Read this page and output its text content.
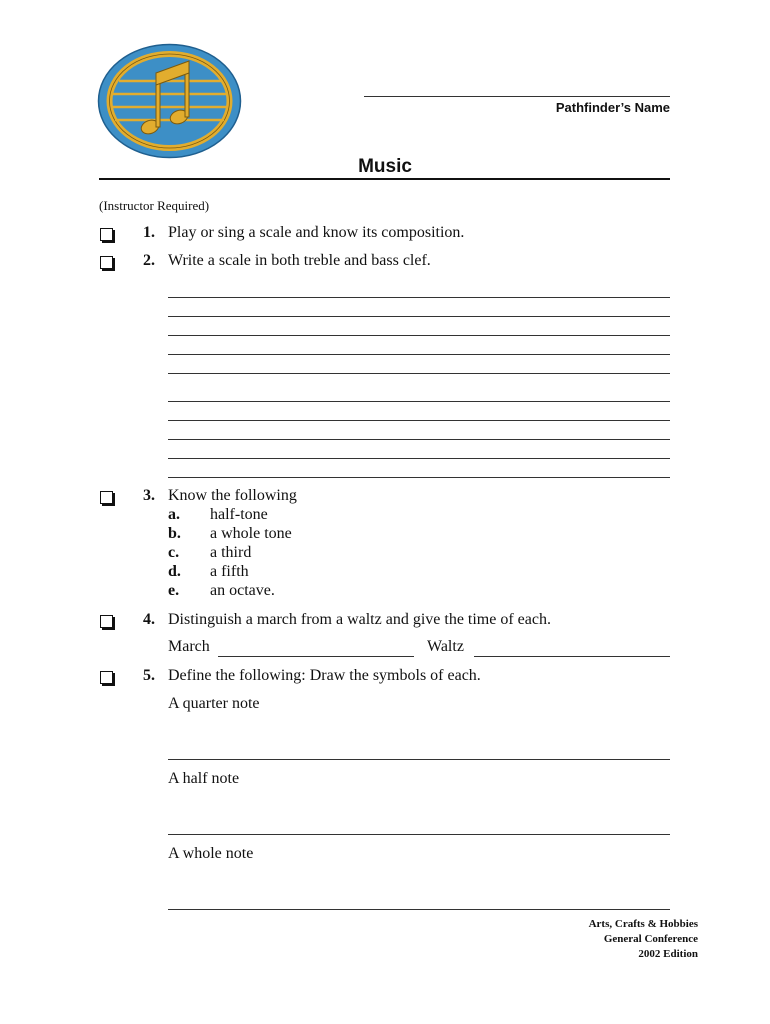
Pathfinder’s Name
Music
(Instructor Required)
1. Play or sing a scale and know its composition.
2. Write a scale in both treble and bass clef.
3. Know the following
a. half-tone
b. a whole tone
c. a third
d. a fifth
e. an octave.
4. Distinguish a march from a waltz and give the time of each.
March	Waltz
5. Define the following: Draw the symbols of each.
A quarter note
A half note
A whole note
Arts, Crafts & Hobbies
General Conference
2002 Edition
